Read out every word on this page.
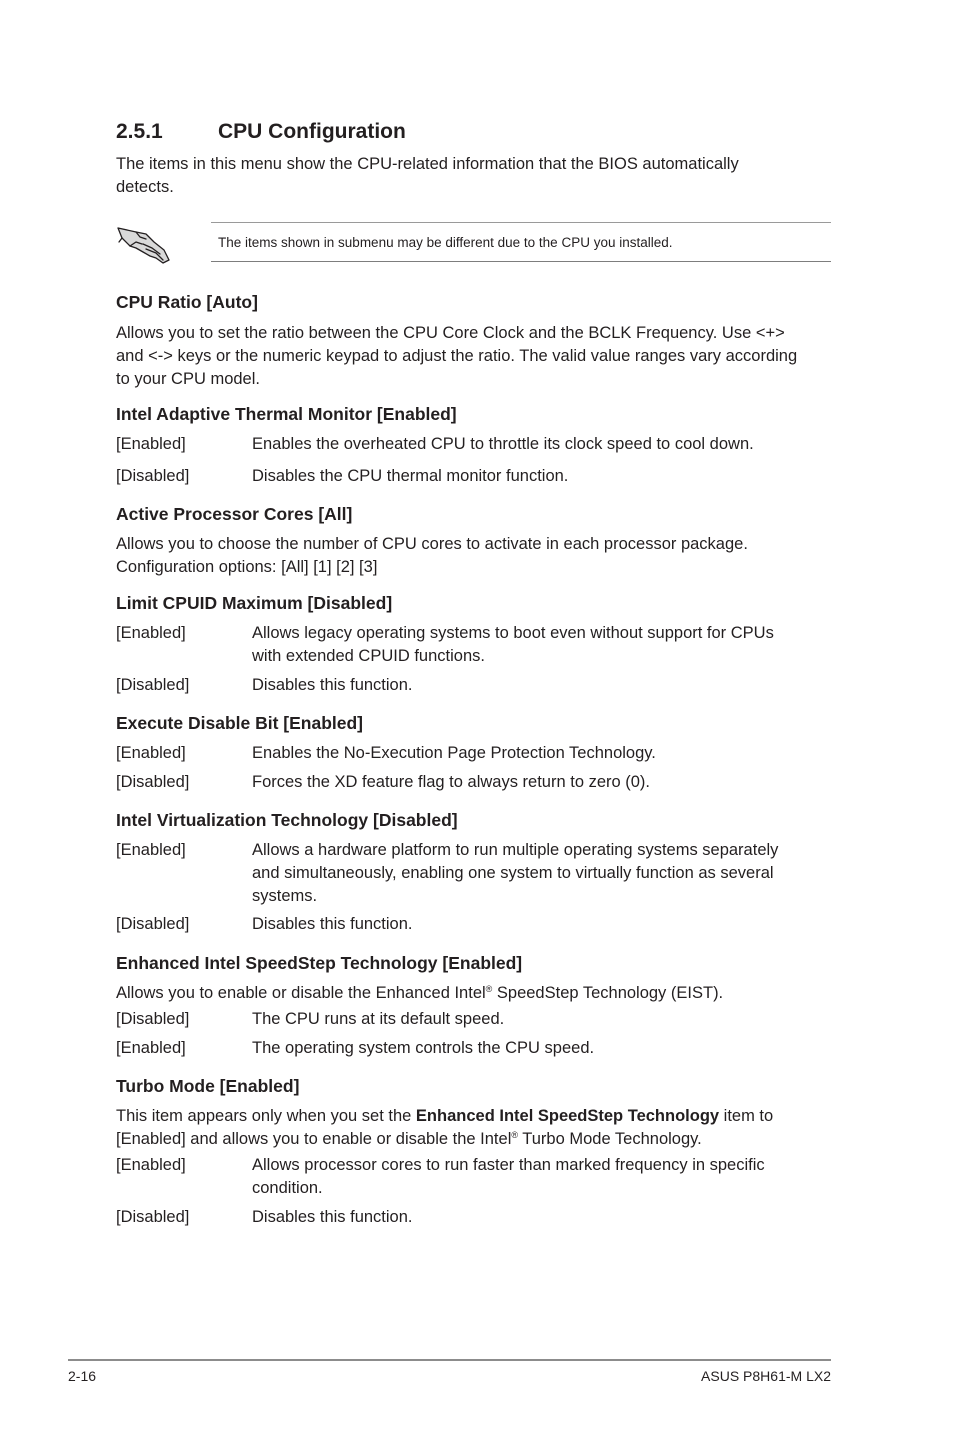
2.5.1	CPU Configuration
The items in this menu show the CPU-related information that the BIOS automatically
detects.
The items shown in submenu may be different due to the CPU you installed.
CPU Ratio [Auto]
Allows you to set the ratio between the CPU Core Clock and the BCLK Frequency. Use <+>
and <-> keys or the numeric keypad to adjust the ratio. The valid value ranges vary according
to your CPU model.
Intel Adaptive Thermal Monitor [Enabled]
[Enabled]	Enables the overheated CPU to throttle its clock speed to cool down.
[Disabled]	Disables the CPU thermal monitor function.
Active Processor Cores [All]
Allows you to choose the number of CPU cores to activate in each processor package.
Configuration options: [All] [1] [2] [3]
Limit CPUID Maximum [Disabled]
[Enabled]	Allows legacy operating systems to boot even without support for CPUs
with extended CPUID functions.
[Disabled]	Disables this function.
Execute Disable Bit [Enabled]
[Enabled]	Enables the No-Execution Page Protection Technology.
[Disabled]	Forces the XD feature flag to always return to zero (0).
Intel Virtualization Technology [Disabled]
[Enabled]	Allows a hardware platform to run multiple operating systems separately
and simultaneously, enabling one system to virtually function as several
systems.
[Disabled]	Disables this function.
Enhanced Intel SpeedStep Technology [Enabled]
Allows you to enable or disable the Enhanced Intel® SpeedStep Technology (EIST).
[Disabled]	The CPU runs at its default speed.
[Enabled]	The operating system controls the CPU speed.
Turbo Mode [Enabled]
This item appears only when you set the Enhanced Intel SpeedStep Technology item to
[Enabled] and allows you to enable or disable the Intel® Turbo Mode Technology.
[Enabled]	Allows processor cores to run faster than marked frequency in specific
condition.
[Disabled]	Disables this function.
2-16	ASUS P8H61-M LX2
